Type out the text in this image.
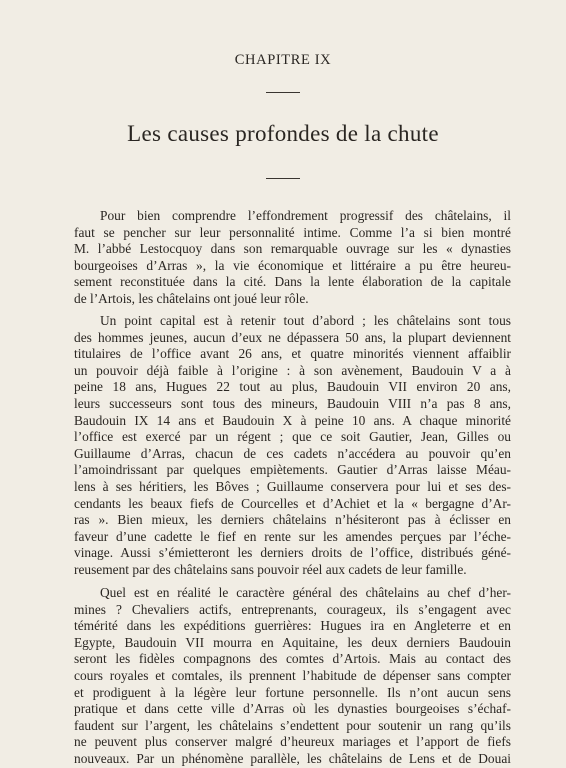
CHAPITRE IX
Les causes profondes de la chute
Pour bien comprendre l’effondrement progressif des châtelains, il
faut se pencher sur leur personnalité intime. Comme l’a si bien montré
M. l’abbé Lestocquoy dans son remarquable ouvrage sur les « dynasties
bourgeoises d’Arras », la vie économique et littéraire a pu être heureu-
sement reconstituée dans la cité. Dans la lente élaboration de la capitale
de l’Artois, les châtelains ont joué leur rôle.
Un point capital est à retenir tout d’abord ; les châtelains sont tous
des hommes jeunes, aucun d’eux ne dépassera 50 ans, la plupart deviennent
titulaires de l’office avant 26 ans, et quatre minorités viennent affaiblir
un pouvoir déjà faible à l’origine : à son avènement, Baudouin V a à
peine 18 ans, Hugues 22 tout au plus, Baudouin VII environ 20 ans,
leurs successeurs sont tous des mineurs, Baudouin VIII n’a pas 8 ans,
Baudouin IX 14 ans et Baudouin X à peine 10 ans. A chaque minorité
l’office est exercé par un régent ; que ce soit Gautier, Jean, Gilles ou
Guillaume d’Arras, chacun de ces cadets n’accédera au pouvoir qu’en
l’amoindrissant par quelques empiètements. Gautier d’Arras laisse Méau-
lens à ses héritiers, les Bôves ; Guillaume conservera pour lui et ses des-
cendants les beaux fiefs de Courcelles et d’Achiet et la « bergagne d’Ar-
ras ». Bien mieux, les derniers châtelains n’hésiteront pas à éclisser en
faveur d’une cadette le fief en rente sur les amendes perçues par l’éche-
vinage. Aussi s’émietteront les derniers droits de l’office, distribués géné-
reusement par des châtelains sans pouvoir réel aux cadets de leur famille.
Quel est en réalité le caractère général des châtelains au chef d’her-
mines ? Chevaliers actifs, entreprenants, courageux, ils s’engagent avec
témérité dans les expéditions guerrières: Hugues ira en Angleterre et en
Egypte, Baudouin VII mourra en Aquitaine, les deux derniers Baudouin
seront les fidèles compagnons des comtes d’Artois. Mais au contact des
cours royales et comtales, ils prennent l’habitude de dépenser sans compter
et prodiguent à la légère leur fortune personnelle. Ils n’ont aucun sens
pratique et dans cette ville d’Arras où les dynasties bourgeoises s’échaf-
faudent sur l’argent, les châtelains s’endettent pour soutenir un rang qu’ils
ne peuvent plus conserver malgré d’heureux mariages et l’apport de fiefs
nouveaux. Par un phénomène parallèle, les châtelains de Lens et de Douai
